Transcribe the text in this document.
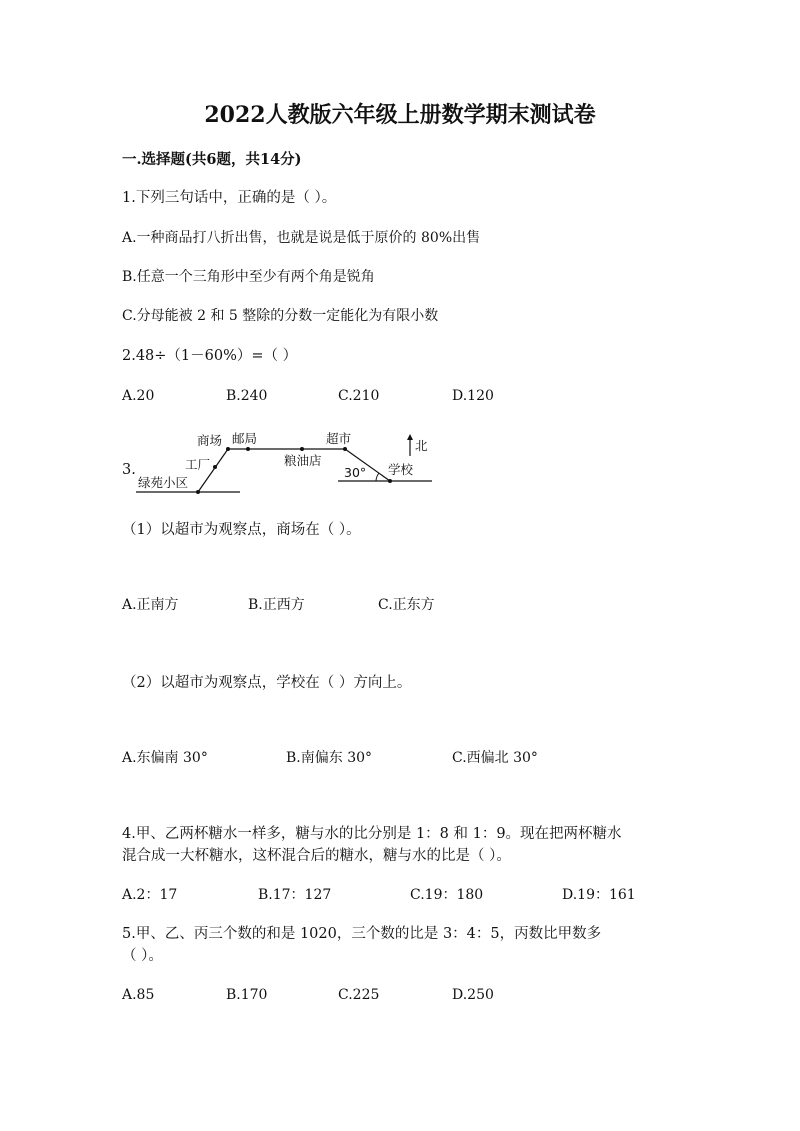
2022人教版六年级上册数学期末测试卷
一.选择题(共6题，共14分)
1.下列三句话中，正确的是（ ）。
A.一种商品打八折出售，也就是说是低于原价的 80%出售
B.任意一个三角形中至少有两个角是锐角
C.分母能被 2 和 5 整除的分数一定能化为有限小数
2.48÷（1－60%）=（ ）
A.20	B.240	C.210	D.120
3.
商场 邮局
工厂
绿苑小区
粮油店
超市
30° 学校
北
（1）以超市为观察点，商场在（ ）。
A.正南方	B.正西方	C.正东方
（2）以超市为观察点，学校在（ ）方向上。
A.东偏南 30°	B.南偏东 30°	C.西偏北 30°
4.甲、乙两杯糖水一样多，糖与水的比分别是 1：8 和 1：9。现在把两杯糖水
混合成一大杯糖水，这杯混合后的糖水，糖与水的比是（ ）。
A.2：17	B.17：127	C.19：180	D.19：161
5.甲、乙、丙三个数的和是 1020，三个数的比是 3：4：5，丙数比甲数多
（ ）。
A.85	B.170	C.225	D.250
